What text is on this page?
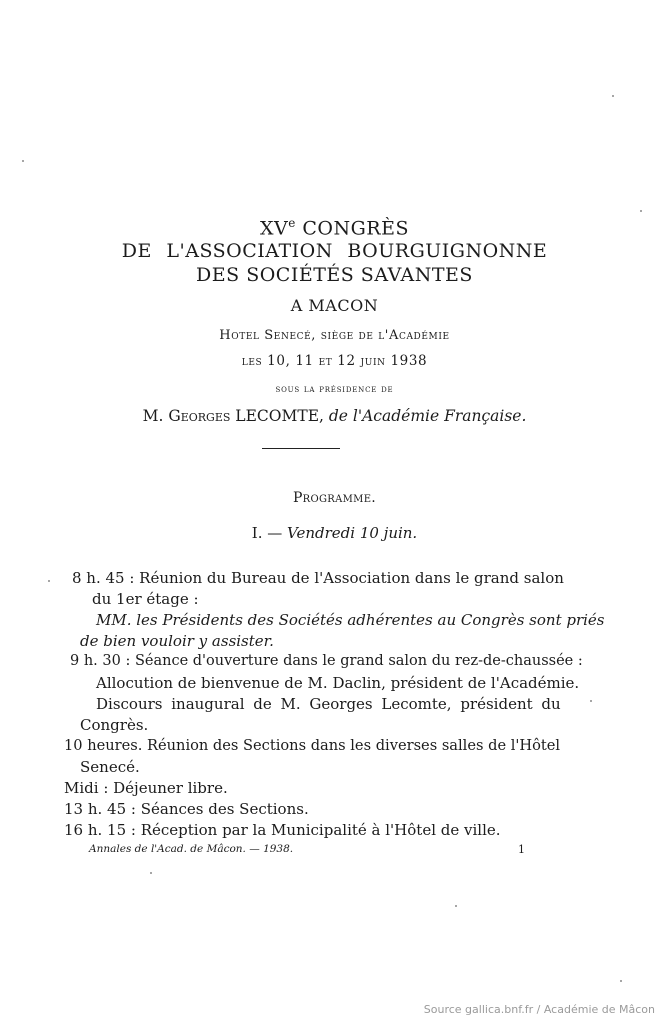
XVe CONGRÈS
DE L'ASSOCIATION BOURGUIGNONNE
DES SOCIÉTÉS SAVANTES
A MACON
Hotel Senecé, siège de l'Académie
les 10, 11 et 12 juin 1938
sous la présidence de
M. Georges LECOMTE, de l'Académie Française.
Programme.
I. — Vendredi 10 juin.
8 h. 45 : Réunion du Bureau de l'Association dans le grand salon
du 1er étage :
MM. les Présidents des Sociétés adhérentes au Congrès sont priés
de bien vouloir y assister.
9 h. 30 : Séance d'ouverture dans le grand salon du rez-de-chaussée :
Allocution de bienvenue de M. Daclin, président de l'Académie.
Discours inaugural de M. Georges Lecomte, président du
Congrès.
10 heures. Réunion des Sections dans les diverses salles de l'Hôtel
Senecé.
Midi : Déjeuner libre.
13 h. 45 : Séances des Sections.
16 h. 15 : Réception par la Municipalité à l'Hôtel de ville.
Annales de l'Acad. de Mâcon. — 1938.	1
Source gallica.bnf.fr / Académie de Mâcon
